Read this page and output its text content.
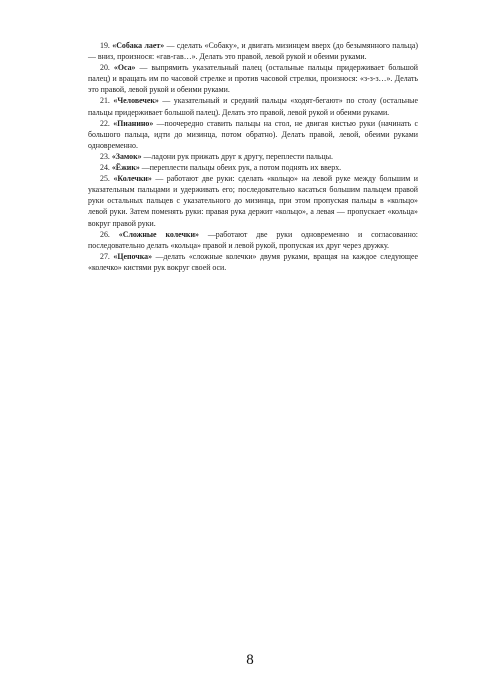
19. «Собака лает» — сделать «Собаку», и двигать мизинцем вверх (до безымянного пальца) — вниз, произнося: «гав-гав…». Делать это правой, левой рукой и обеими руками.

20. «Оса» — выпрямить указательный палец (остальные пальцы придерживает большой палец) и вращать им по часовой стрелке и против часовой стрелки, произнося: «з-з-з…». Делать это правой, левой рукой и обеими руками.

21. «Человечек» — указательный и средний пальцы «ходят-бегают» по столу (остальные пальцы придерживает большой палец). Делать это правой, левой рукой и обеими руками.

22. «Пианино» —поочередно ставить пальцы на стол, не двигая кистью руки (начинать с большого пальца, идти до мизинца, потом обратно). Делать правой, левой, обеими руками одновременно.

23. «Замок» —ладони рук прижать друг к другу, переплести пальцы.

24. «Ёжик» —переплести пальцы обеих рук, а потом поднять их вверх.

25. «Колечки» — работают две руки: сделать «кольцо» на левой руке между большим и указательным пальцами и удерживать его; последовательно касаться большим пальцем правой руки остальных пальцев с указательного до мизинца, при этом пропуская пальцы в «кольцо» левой руки. Затем поменять руки: правая рука держит «кольцо», а левая — пропускает «кольца» вокруг правой руки.

26. «Сложные колечки» —работают две руки одновременно и согласованно: последовательно делать «кольца» правой и левой рукой, пропуская их друг через дружку.

27. «Цепочка» —делать «сложные колечки» двумя руками, вращая на каждое следующее «колечко» кистями рук вокруг своей оси.

8
